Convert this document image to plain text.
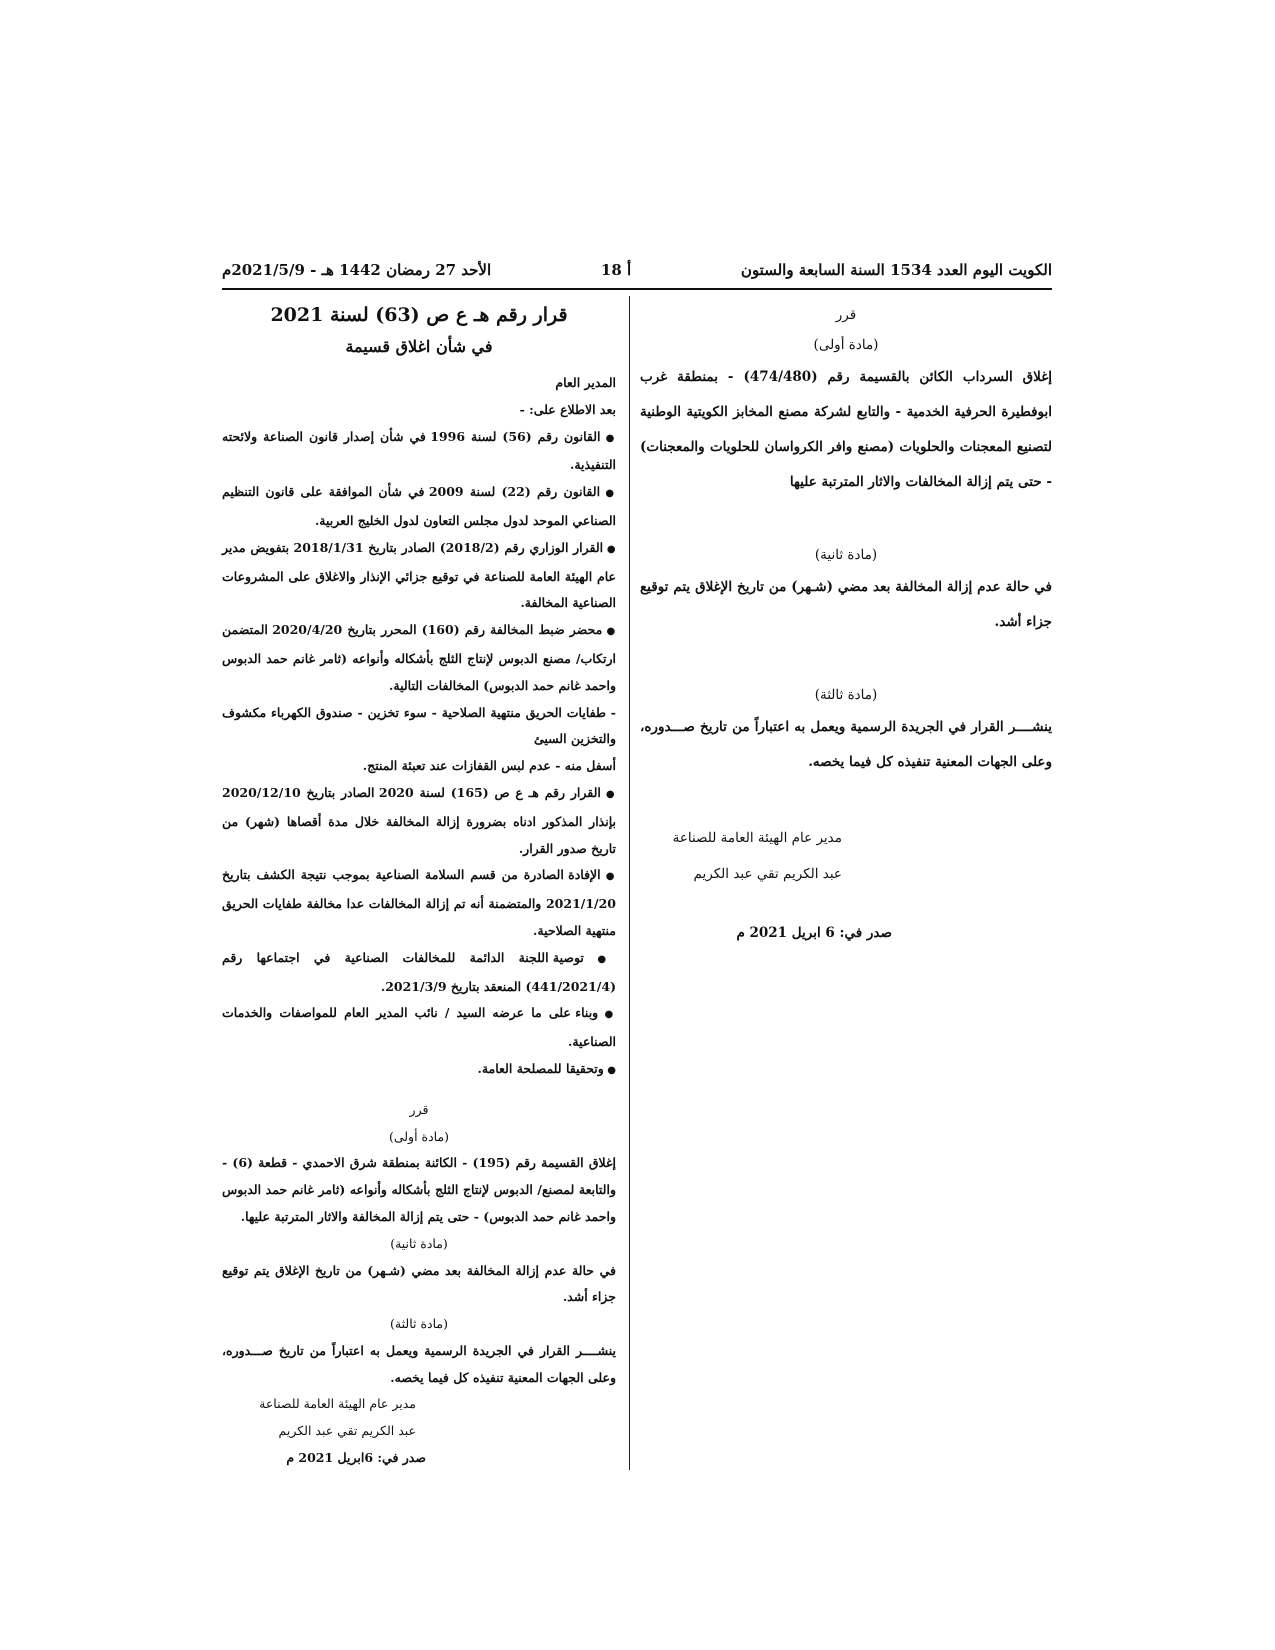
الكويت اليوم العدد 1534 السنة السابعة والستون
أ 18
الأحد 27 رمضان 1442 هـ - 2021/5/9م
قرر
(مادة أولى)

إغلاق السرداب الكائن بالقسيمة رقم (474/480) - بمنطقة غرب ابوفطيرة الحرفية الخدمية - والتابع لشركة مصنع المخابز الكويتية الوطنية لتصنيع المعجنات والحلويات (مصنع وافر الكرواسان للحلويات والمعجنات) - حتى يتم إزالة المخالفات والاثار المترتبة عليها

(مادة ثانية)

في حالة عدم إزالة المخالفة بعد مضي (شـهر) من تاريخ الإغلاق يتم توقيع جزاء أشد.

(مادة ثالثة)

ينشــــر القرار في الجريدة الرسمية ويعمل به اعتباراً من تاريخ صـــدوره، وعلى الجهات المعنية تنفيذه كل فيما يخصه.

مدير عام الهيئة العامة للصناعة
عبد الكريم تقي عبد الكريم
صدر في: 6 ابريل 2021 م
قرار رقم هـ ع ص (63) لسنة 2021
في شأن اغلاق قسيمة
المدير العام
بعد الاطلاع على: -

● القانون رقم (56) لسنة 1996 في شأن إصدار قانون الصناعة ولائحته التنفيذية.

● القانون رقم (22) لسنة 2009 في شأن الموافقة على قانون التنظيم الصناعي الموحد لدول مجلس التعاون لدول الخليج العربية.

● القرار الوزاري رقم (2018/2) الصادر بتاريخ 2018/1/31 بتفويض مدير عام الهيئة العامة للصناعة في توقيع جزائي الإنذار والاغلاق على المشروعات الصناعية المخالفة.

● محضر ضبط المخالفة رقم (160) المحرر بتاريخ 2020/4/20 المتضمن ارتكاب/ مصنع الدبوس لإنتاج الثلج بأشكاله وأنواعه (ثامر غانم حمد الدبوس واحمد غانم حمد الدبوس) المخالفات التالية.

- طفايات الحريق منتهية الصلاحية - سوء تخزين - صندوق الكهرباء مكشوف والتخزين السيئ

أسفل منه - عدم لبس القفازات عند تعبئة المنتج.

● القرار رقم هـ ع ص (165) لسنة 2020 الصادر بتاريخ 2020/12/10 بإنذار المذكور ادناه بضرورة إزالة المخالفة خلال مدة أقصاها (شهر) من تاريخ صدور القرار.

● الإفادة الصادرة من قسم السلامة الصناعية بموجب نتيجة الكشف بتاريخ 2021/1/20 والمتضمنة أنه تم إزالة المخالفات عدا مخالفة طفايات الحريق منتهية الصلاحية.

● توصية اللجنة الدائمة للمخالفات الصناعية في اجتماعها رقم (441/2021/4) المنعقد بتاريخ 2021/3/9.

● وبناء على ما عرضه السيد / نائب المدير العام للمواصفات والخدمات الصناعية.

● وتحقيقا للمصلحة العامة.

قرر
(مادة أولى)

إغلاق القسيمة رقم (195) - الكائنة بمنطقة شرق الاحمدي - قطعة (6) - والتابعة لمصنع/ الدبوس لإنتاج الثلج بأشكاله وأنواعه (ثامر غانم حمد الدبوس واحمد غانم حمد الدبوس) - حتى يتم إزالة المخالفة والاثار المترتبة عليها.

(مادة ثانية)

في حالة عدم إزالة المخالفة بعد مضي (شـهر) من تاريخ الإغلاق يتم توقيع جزاء أشد.

(مادة ثالثة)

ينشــــر القرار في الجريدة الرسمية ويعمل به اعتباراً من تاريخ صـــدوره، وعلى الجهات المعنية تنفيذه كل فيما يخصه.

مدير عام الهيئة العامة للصناعة
عبد الكريم تقي عبد الكريم
صدر في: 6ابريل 2021 م
